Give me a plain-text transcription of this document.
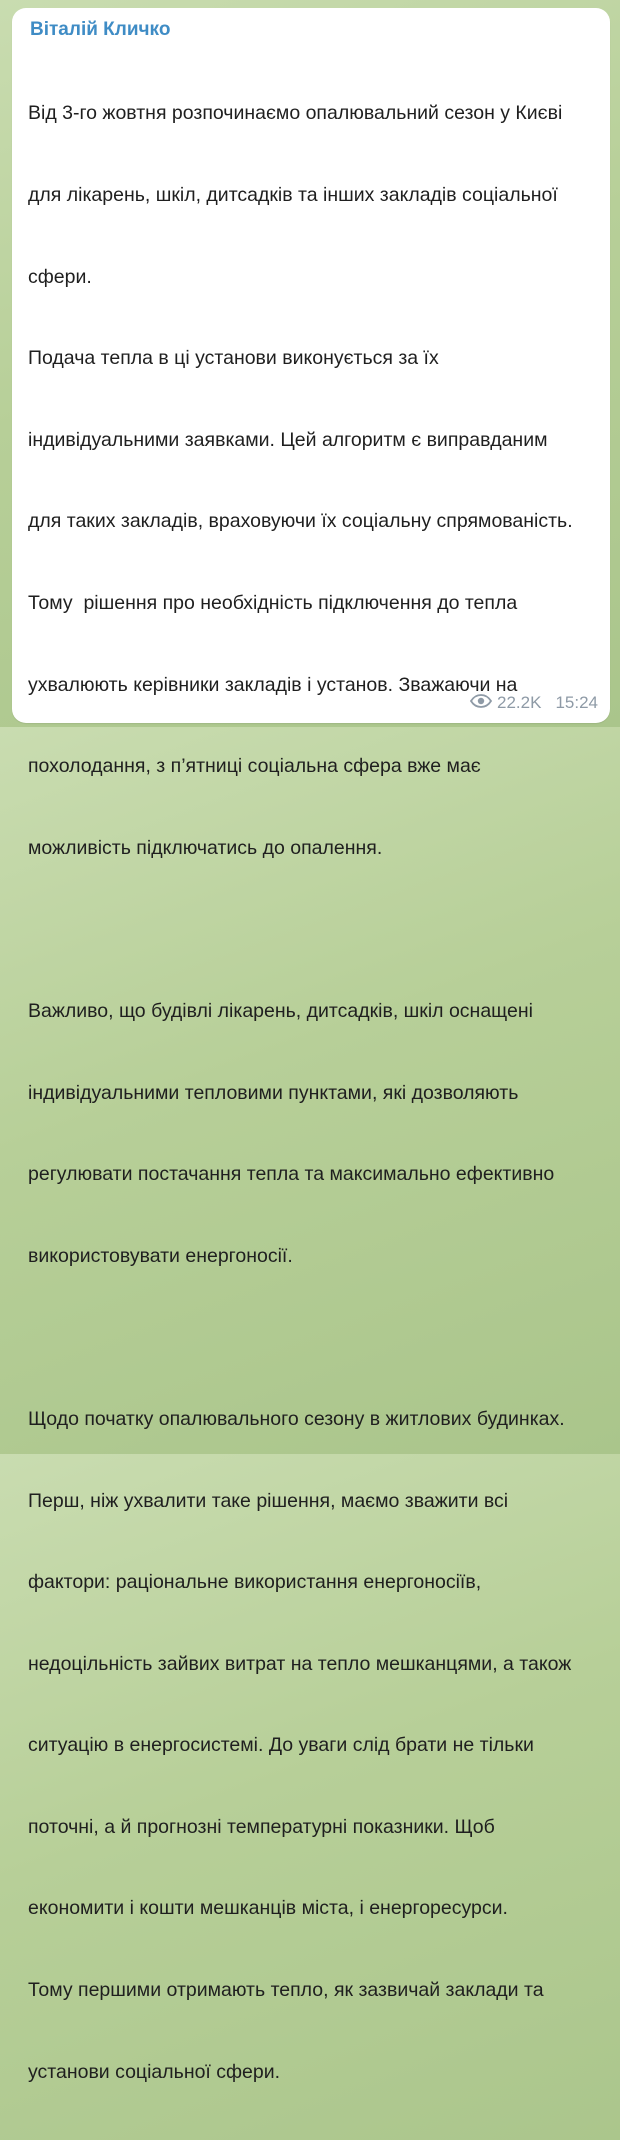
Віталій Кличко

Від 3-го жовтня розпочинаємо опалювальний сезон у Києві

для лікарень, шкіл, дитсадків та інших закладів соціальної

сфери.

Подача тепла в ці установи виконується за їх

індивідуальними заявками. Цей алгоритм є виправданим

для таких закладів, враховуючи їх соціальну спрямованість.

Тому  рішення про необхідність підключення до тепла

ухвалюють керівники закладів і установ. Зважаючи на

похолодання, з п’ятниці соціальна сфера вже має

можливість підключатись до опалення.

Важливо, що будівлі лікарень, дитсадків, шкіл оснащені

індивідуальними тепловими пунктами, які дозволяють

регулювати постачання тепла та максимально ефективно

використовувати енергоносії.

Щодо початку опалювального сезону в житлових будинках.

Перш, ніж ухвалити таке рішення, маємо зважити всі

фактори: раціональне використання енергоносіїв,

недоцільність зайвих витрат на тепло мешканцями, а також

ситуацію в енергосистемі. До уваги слід брати не тільки

поточні, а й прогнозні температурні показники. Щоб

економити і кошти мешканців міста, і енергоресурси.

Тому першими отримають тепло, як зазвичай заклади та

установи соціальної сфери.

22.2K 15:24
